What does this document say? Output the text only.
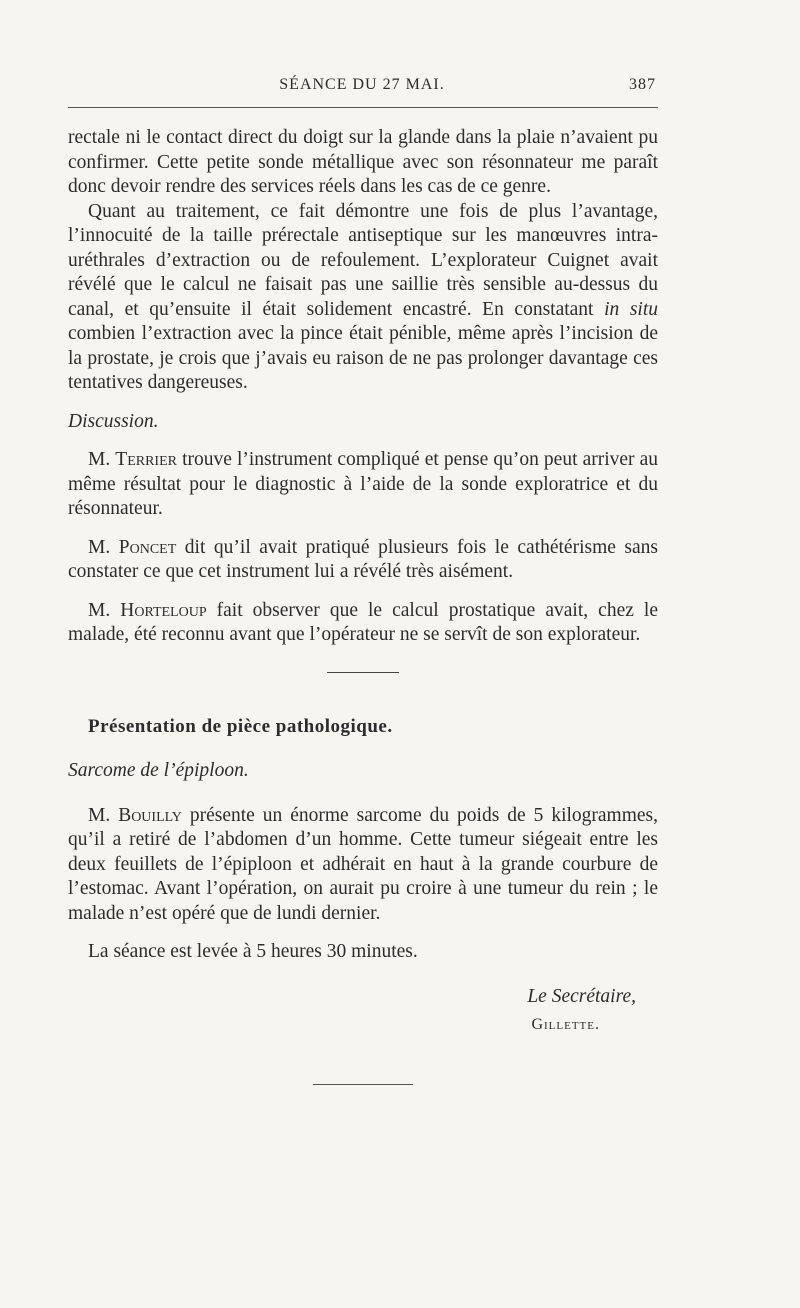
SÉANCE DU 27 MAI.	387

rectale ni le contact direct du doigt sur la glande dans la plaie n’avaient pu confirmer. Cette petite sonde métallique avec son résonnateur me paraît donc devoir rendre des services réels dans les cas de ce genre.

Quant au traitement, ce fait démontre une fois de plus l’avantage, l’innocuité de la taille prérectale antiseptique sur les manœuvres intra-uréthrales d’extraction ou de refoulement. L’explorateur Cuignet avait révélé que le calcul ne faisait pas une saillie très sensible au-dessus du canal, et qu’ensuite il était solidement encastré. En constatant in situ combien l’extraction avec la pince était pénible, même après l’incision de la prostate, je crois que j’avais eu raison de ne pas prolonger davantage ces tentatives dangereuses.

Discussion.

M. Terrier trouve l’instrument compliqué et pense qu’on peut arriver au même résultat pour le diagnostic à l’aide de la sonde exploratrice et du résonnateur.

M. Poncet dit qu’il avait pratiqué plusieurs fois le cathétérisme sans constater ce que cet instrument lui a révélé très aisément.

M. Horteloup fait observer que le calcul prostatique avait, chez le malade, été reconnu avant que l’opérateur ne se servît de son explorateur.

Présentation de pièce pathologique.

Sarcome de l’épiploon.

M. Bouilly présente un énorme sarcome du poids de 5 kilogrammes, qu’il a retiré de l’abdomen d’un homme. Cette tumeur siégeait entre les deux feuillets de l’épiploon et adhérait en haut à la grande courbure de l’estomac. Avant l’opération, on aurait pu croire à une tumeur du rein ; le malade n’est opéré que de lundi dernier.

La séance est levée à 5 heures 30 minutes.

Le Secrétaire,
Gillette.
